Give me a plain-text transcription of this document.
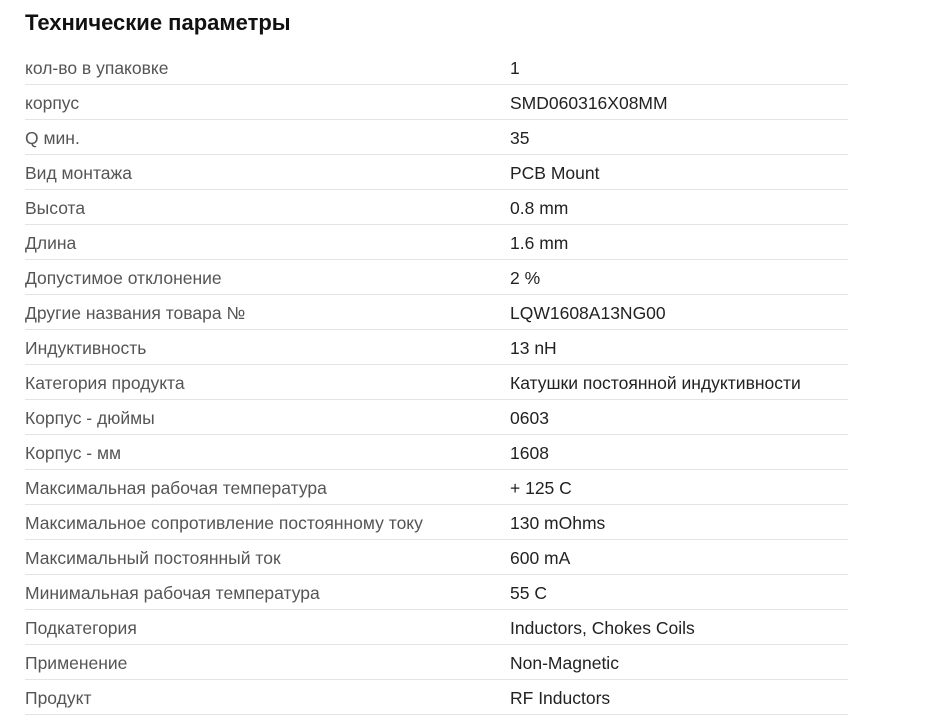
Технические параметры
кол-во в упаковке	1
корпус	SMD060316X08MM
Q мин.	35
Вид монтажа	PCB Mount
Высота	0.8 mm
Длина	1.6 mm
Допустимое отклонение	2 %
Другие названия товара №	LQW1608A13NG00
Индуктивность	13 nH
Категория продукта	Катушки постоянной индуктивности
Корпус - дюймы	0603
Корпус - мм	1608
Максимальная рабочая температура	+ 125 C
Максимальное сопротивление постоянному току	130 mOhms
Максимальный постоянный ток	600 mA
Минимальная рабочая температура	55 C
Подкатегория	Inductors, Chokes Coils
Применение	Non-Magnetic
Продукт	RF Inductors
